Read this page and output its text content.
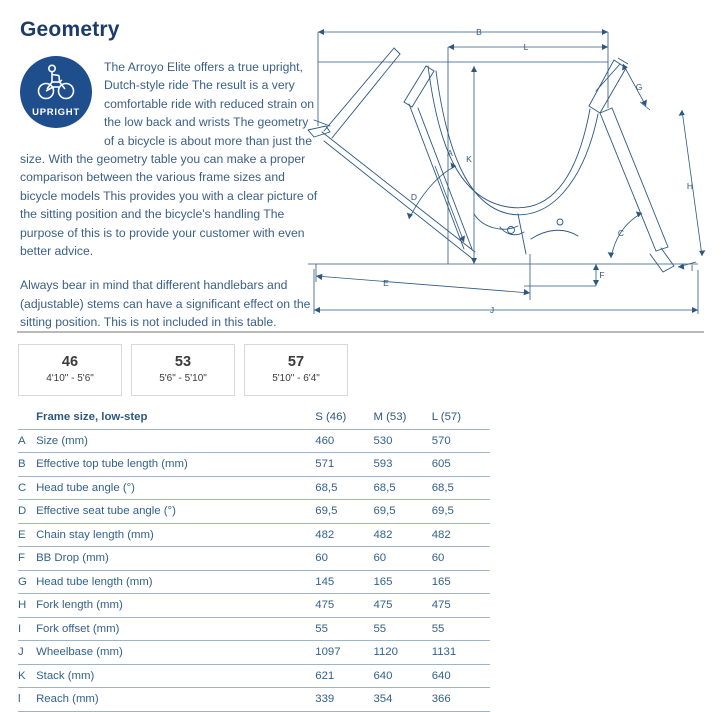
Geometry
UPRIGHT

The Arroyo Elite offers a true upright, Dutch-style ride The result is a very comfortable ride with reduced strain on the low back and wrists The geometry of a bicycle is about more than just the size. With the geometry table you can make a proper comparison between the various frame sizes and bicycle models This provides you with a clear picture of the sitting position and the bicycle's handling The purpose of this is to provide your customer with even better advice.

Always bear in mind that different handlebars and (adjustable) stems can have a significant effect on the sitting position. This is not included in this table.

B
L
G
K
A
D
H
C
I
E
F
J
46
4'10" - 5'6"
53
5'6" - 5'10"
57
5'10" - 6'4"
	Frame size, low-step	S (46)	M (53)	L (57)
A	Size (mm)	460	530	570
B	Effective top tube length (mm)	571	593	605
C	Head tube angle (°)	68,5	68,5	68,5
D	Effective seat tube angle (°)	69,5	69,5	69,5
E	Chain stay length (mm)	482	482	482
F	BB Drop (mm)	60	60	60
G	Head tube length (mm)	145	165	165
H	Fork length (mm)	475	475	475
I	Fork offset (mm)	55	55	55
J	Wheelbase (mm)	1097	1120	1131
K	Stack (mm)	621	640	640
l	Reach (mm)	339	354	366
